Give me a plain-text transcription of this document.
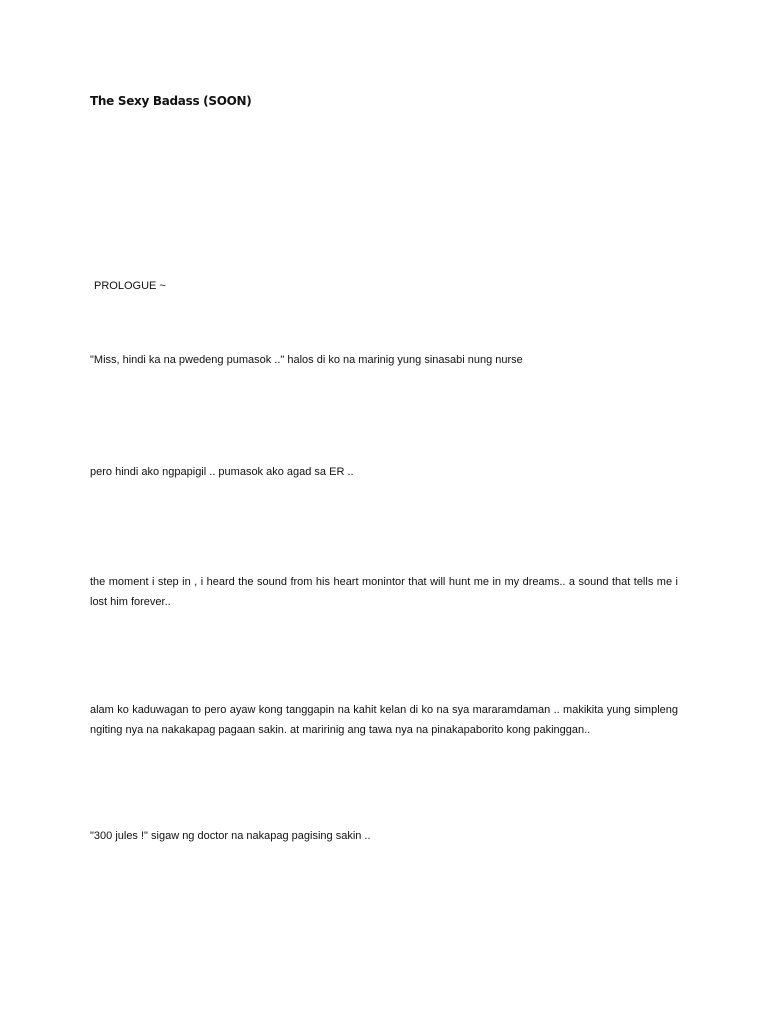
The Sexy Badass (SOON)
PROLOGUE ~
"Miss, hindi ka na pwedeng pumasok .." halos di ko na marinig yung sinasabi nung nurse
pero hindi ako ngpapigil .. pumasok ako agad sa ER ..
the moment i step in , i heard the sound from his heart monintor that will hunt me in my dreams.. a sound that tells me i lost him forever..
alam ko kaduwagan to pero ayaw kong tanggapin na kahit kelan di ko na sya mararamdaman .. makikita yung simpleng ngiting nya na nakakapag pagaan sakin. at maririnig ang tawa nya na pinakapaborito kong pakinggan..
"300 jules !" sigaw ng doctor na nakapag pagising sakin ..
